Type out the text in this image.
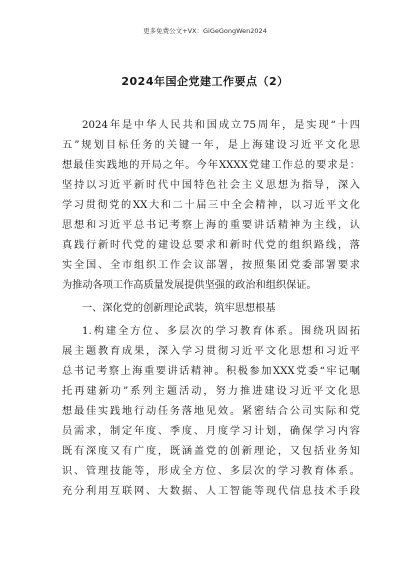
更多免费公文+VX：GiGeGongWen2024
2024年国企党建工作要点（2）
2024年是中华人民共和国成立75周年，是实现“十四
五”规划目标任务的关键一年，是上海建设习近平文化思
想最佳实践地的开局之年。今年XXXX党建工作总的要求是：
坚持以习近平新时代中国特色社会主义思想为指导，深入
学习贯彻党的XX大和二十届三中全会精神，以习近平文化
思想和习近平总书记考察上海的重要讲话精神为主线，认
真践行新时代党的建设总要求和新时代党的组织路线，落
实全国、全市组织工作会议部署，按照集团党委部署要求
为推动各项工作高质量发展提供坚强的政治和组织保证。
一、深化党的创新理论武装，筑牢思想根基
1.构建全方位、多层次的学习教育体系。围绕巩固拓
展主题教育成果，深入学习贯彻习近平文化思想和习近平
总书记考察上海重要讲话精神。积极参加XXX党委“牢记嘱
托再建新功”系列主题活动，努力推进建设习近平文化思
想最佳实践地行动任务落地见效。紧密结合公司实际和党
员需求，制定年度、季度、月度学习计划，确保学习内容
既有深度又有广度，既涵盖党的创新理论，又包括业务知
识、管理技能等，形成全方位、多层次的学习教育体系。
充分利用互联网、大数据、人工智能等现代信息技术手段
